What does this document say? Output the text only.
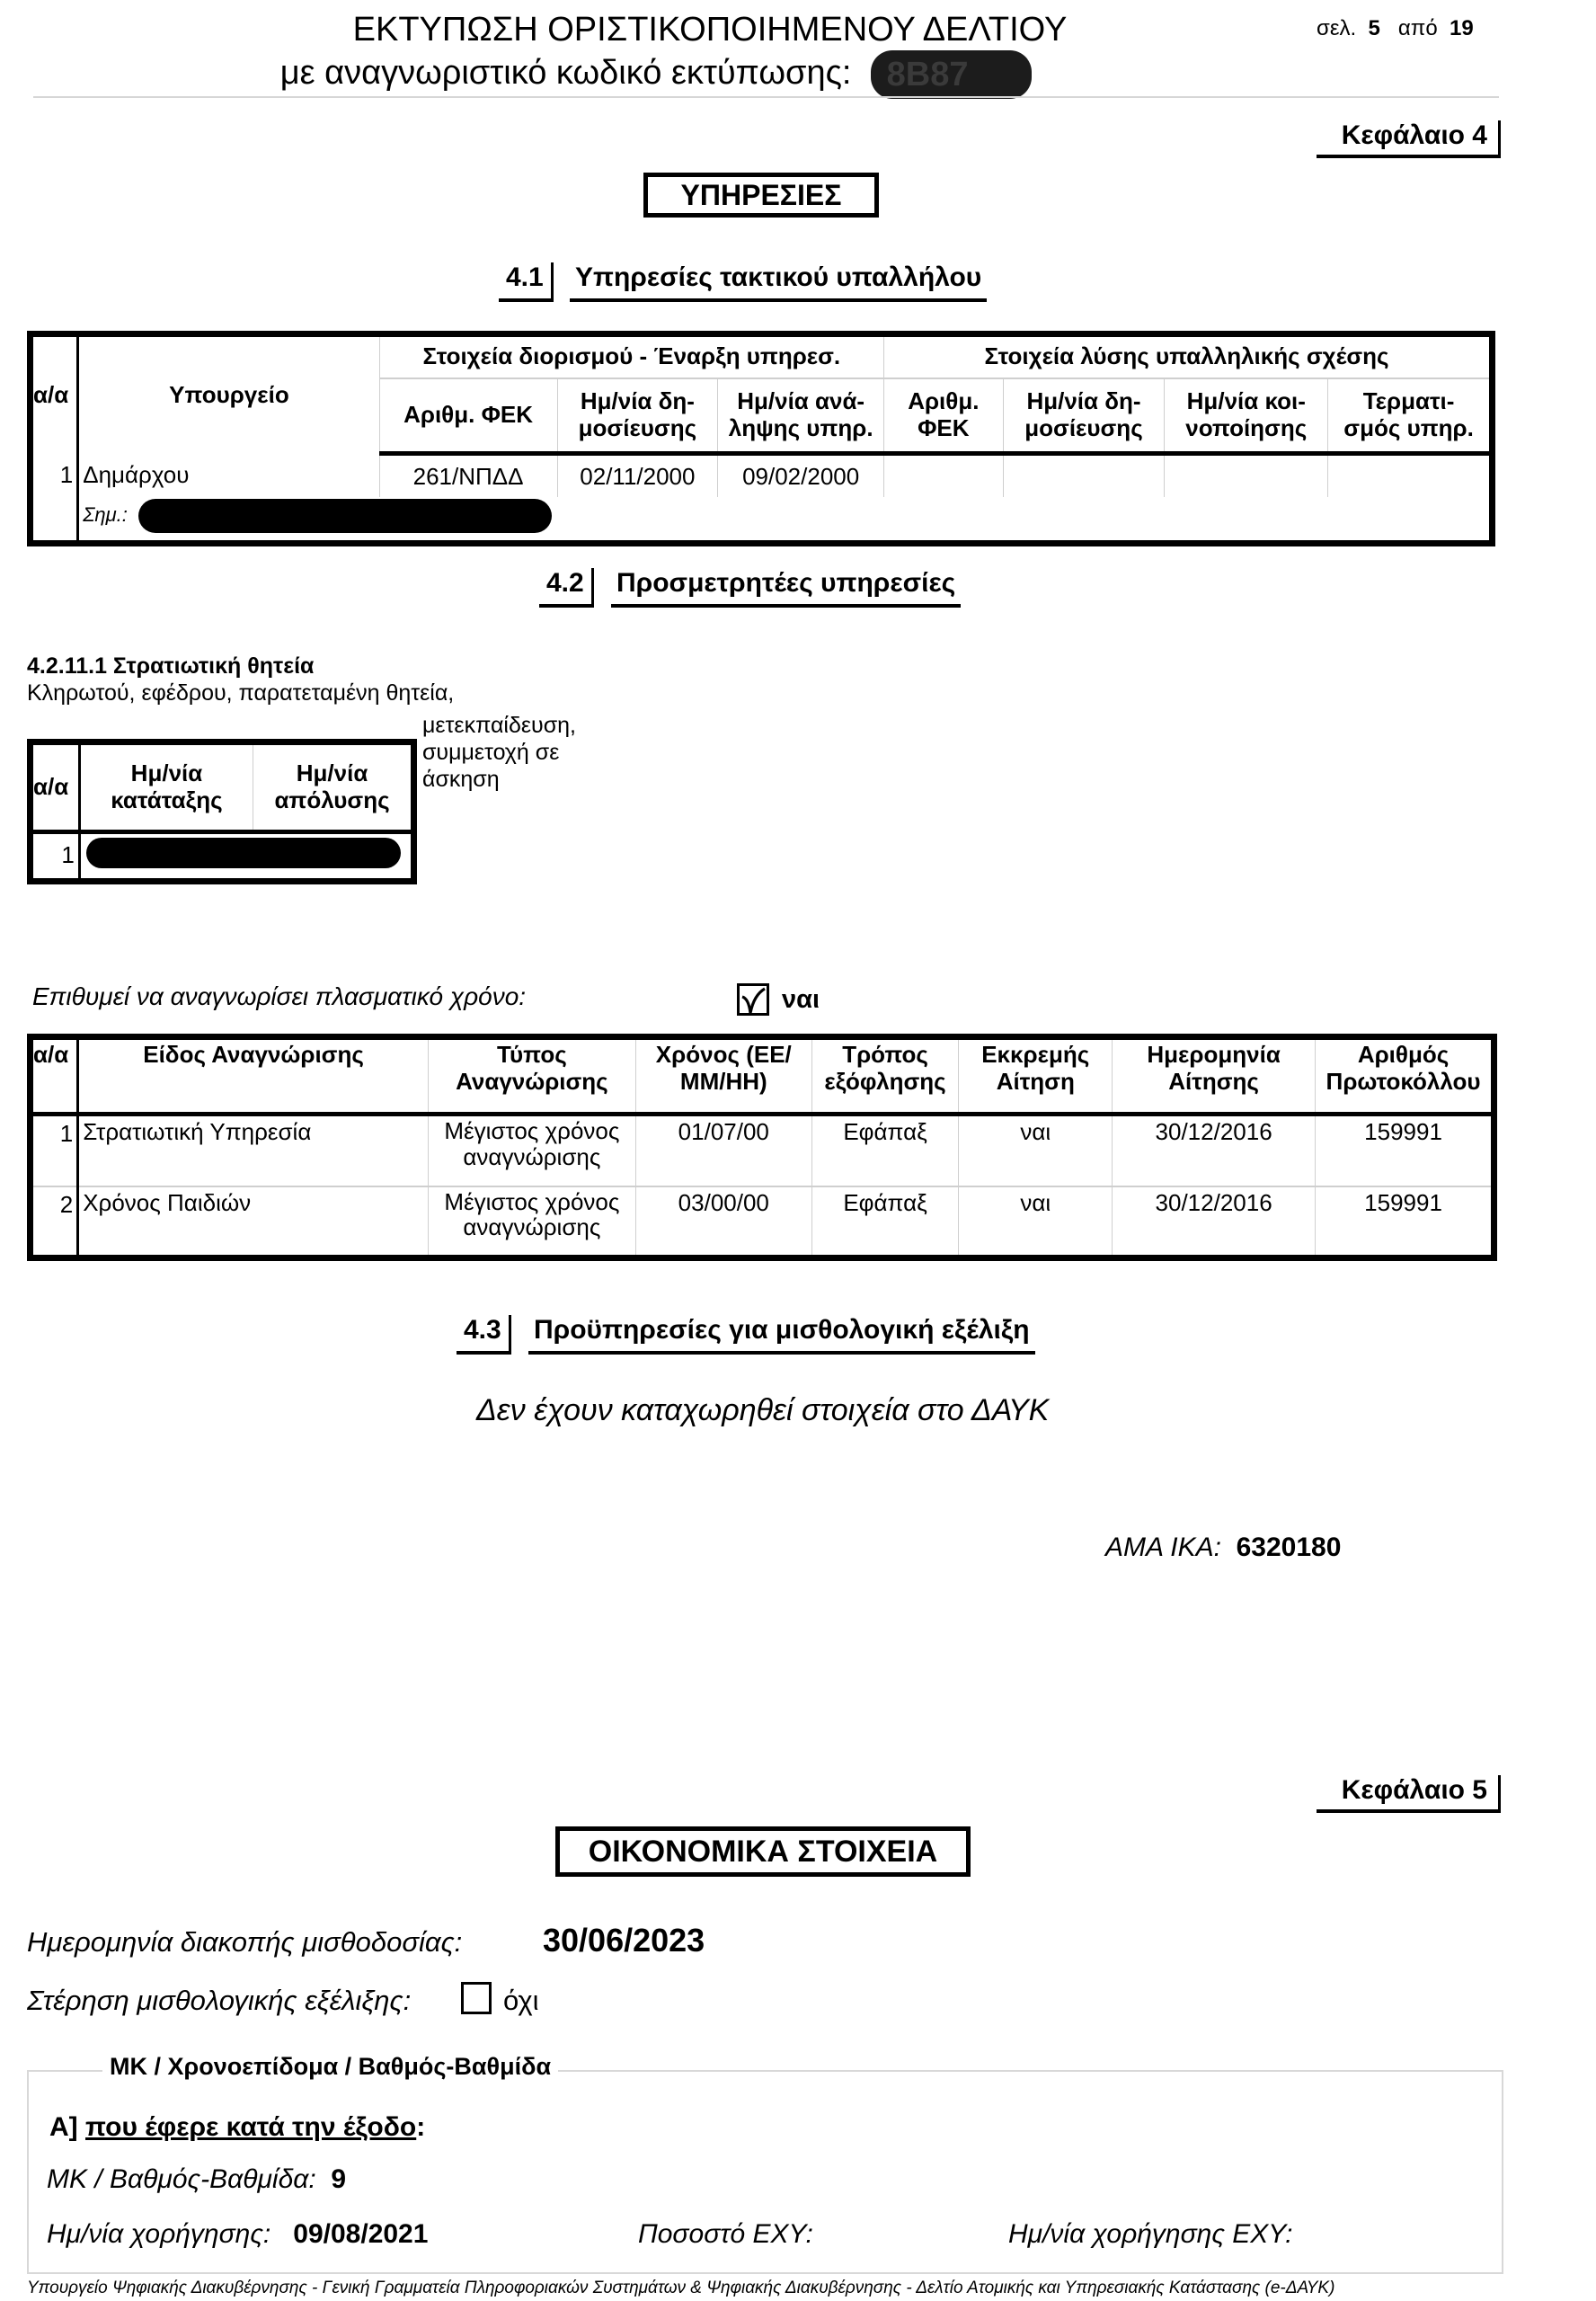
ΕΚΤΥΠΩΣΗ ΟΡΙΣΤΙΚΟΠΟΙΗΜΕΝΟΥ ΔΕΛΤΙΟΥ
με αναγνωριστικό κωδικό εκτύπωσης: 8B87
σελ. 5 από 19
Κεφάλαιο 4
ΥΠΗΡΕΣΙΕΣ
4.1	Υπηρεσίες τακτικού υπαλλήλου
α/α	Υπουργείο	Στοιχεία διορισμού - Έναρξη υπηρεσ.			Στοιχεία λύσης υπαλληλικής σχέσης			
		Αριθμ. ΦΕΚ	Ημ/νία δη- μοσίευσης	Ημ/νία ανά- ληψης υπηρ.	Αριθμ. ΦΕΚ	Ημ/νία δη- μοσίευσης	Ημ/νία κοι- νοποίησης	Τερματι- σμός υπηρ.
1	Δημάρχου	261/ΝΠΔΔ	02/11/2000	09/02/2000				
	Σημ.:							
4.2	Προσμετρητέες υπηρεσίες
4.2.11.1 Στρατιωτική θητεία
Κληρωτού, εφέδρου, παρατεταμένη θητεία,
μετεκπαίδευση,
συμμετοχή σε
άσκηση
α/α	Ημ/νία κατάταξης	Ημ/νία απόλυσης
1		
Επιθυμεί να αναγνωρίσει πλασματικό χρόνο:	ναι
α/α	Είδος Αναγνώρισης	Τύπος Αναγνώρισης	Χρόνος (ΕΕ/ΜΜ/ΗΗ)	Τρόπος εξόφλησης	Εκκρεμής Αίτηση	Ημερομηνία Αίτησης	Αριθμός Πρωτοκόλλου
1	Στρατιωτική Υπηρεσία	Μέγιστος χρόνος αναγνώρισης	01/07/00	Εφάπαξ	ναι	30/12/2016	159991
2	Χρόνος Παιδιών	Μέγιστος χρόνος αναγνώρισης	03/00/00	Εφάπαξ	ναι	30/12/2016	159991
4.3	Προϋπηρεσίες για μισθολογική εξέλιξη
Δεν έχουν καταχωρηθεί στοιχεία στο ΔΑΥΚ
ΑΜΑ ΙΚΑ: 6320180
Κεφάλαιο 5
ΟΙΚΟΝΟΜΙΚΑ ΣΤΟΙΧΕΙΑ
Ημερομηνία διακοπής μισθοδοσίας: 30/06/2023
Στέρηση μισθολογικής εξέλιξης:	όχι
ΜΚ / Χρονοεπίδομα / Βαθμός-Βαθμίδα
Α] που έφερε κατά την έξοδο:
ΜΚ / Βαθμός-Βαθμίδα: 9
Ημ/νία χορήγησης: 09/08/2021	Ποσοστό ΕΧΥ:	Ημ/νία χορήγησης ΕΧΥ:
Υπουργείο Ψηφιακής Διακυβέρνησης - Γενική Γραμματεία Πληροφοριακών Συστημάτων & Ψηφιακής Διακυβέρνησης - Δελτίο Ατομικής και Υπηρεσιακής Κατάστασης (e-ΔΑΥΚ)
